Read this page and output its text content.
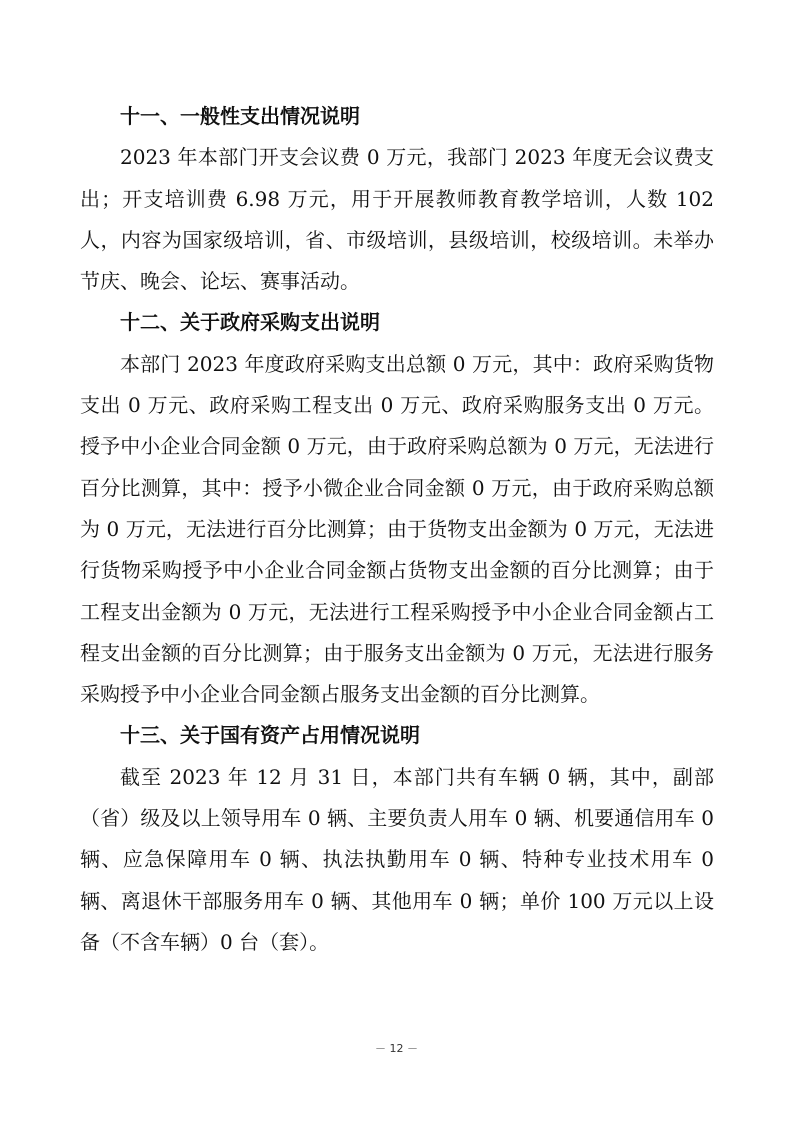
十一、一般性支出情况说明

2023 年本部门开支会议费 0 万元，我部门 2023 年度无会议费支出；开支培训费 6.98 万元，用于开展教师教育教学培训，人数 102 人，内容为国家级培训，省、市级培训，县级培训，校级培训。未举办节庆、晚会、论坛、赛事活动。

十二、关于政府采购支出说明

本部门 2023 年度政府采购支出总额 0 万元，其中：政府采购货物支出 0 万元、政府采购工程支出 0 万元、政府采购服务支出 0 万元。授予中小企业合同金额 0 万元，由于政府采购总额为 0 万元，无法进行百分比测算，其中：授予小微企业合同金额 0 万元，由于政府采购总额为 0 万元，无法进行百分比测算；由于货物支出金额为 0 万元，无法进行货物采购授予中小企业合同金额占货物支出金额的百分比测算；由于工程支出金额为 0 万元，无法进行工程采购授予中小企业合同金额占工程支出金额的百分比测算；由于服务支出金额为 0 万元，无法进行服务采购授予中小企业合同金额占服务支出金额的百分比测算。

十三、关于国有资产占用情况说明

截至 2023 年 12 月 31 日，本部门共有车辆 0 辆，其中，副部（省）级及以上领导用车 0 辆、主要负责人用车 0 辆、机要通信用车 0 辆、应急保障用车 0 辆、执法执勤用车 0 辆、特种专业技术用车 0 辆、离退休干部服务用车 0 辆、其他用车 0 辆；单价 100 万元以上设备（不含车辆）0 台（套）。

－ 12 －
